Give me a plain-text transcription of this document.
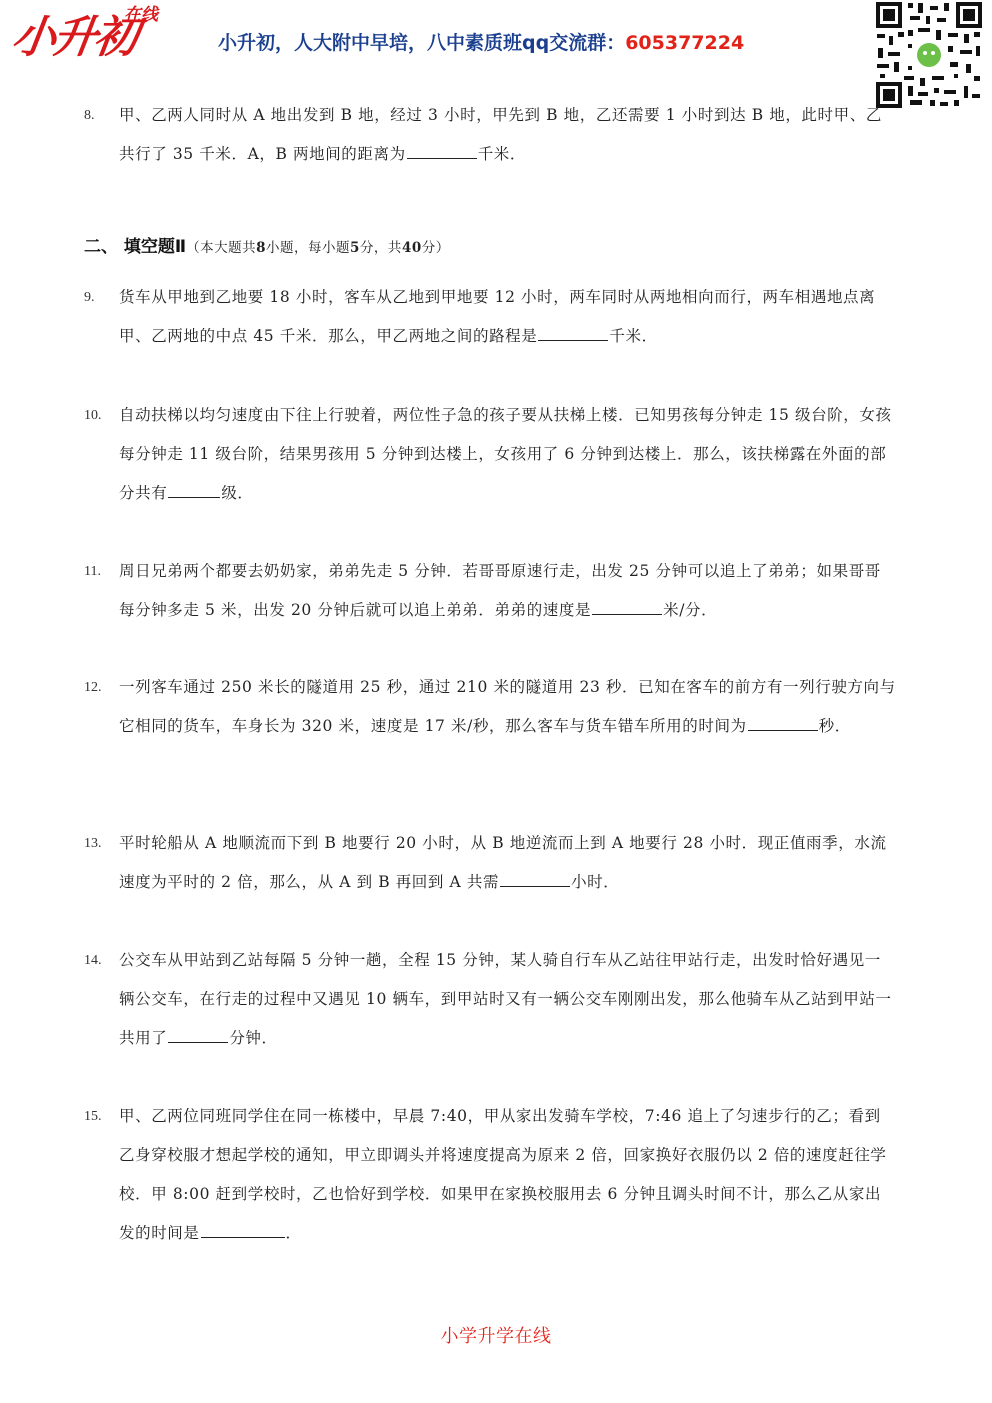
小升初
在线
小升初，人大附中早培，八中素质班qq交流群：605377224
8. 甲、乙两人同时从 A 地出发到 B 地，经过 3 小时，甲先到 B 地，乙还需要 1 小时到达 B 地，此时甲、乙共行了 35 千米．A，B 两地间的距离为	千米．
二、 填空题Ⅱ（本大题共8小题，每小题5分，共40分）
9. 货车从甲地到乙地要 18 小时，客车从乙地到甲地要 12 小时，两车同时从两地相向而行，两车相遇地点离甲、乙两地的中点 45 千米．那么，甲乙两地之间的路程是	千米．
10. 自动扶梯以均匀速度由下往上行驶着，两位性子急的孩子要从扶梯上楼．已知男孩每分钟走 15 级台阶，女孩每分钟走 11 级台阶，结果男孩用 5 分钟到达楼上，女孩用了 6 分钟到达楼上．那么，该扶梯露在外面的部分共有	级．
11. 周日兄弟两个都要去奶奶家，弟弟先走 5 分钟．若哥哥原速行走，出发 25 分钟可以追上了弟弟；如果哥哥每分钟多走 5 米，出发 20 分钟后就可以追上弟弟．弟弟的速度是	米/分．
12. 一列客车通过 250 米长的隧道用 25 秒，通过 210 米的隧道用 23 秒．已知在客车的前方有一列行驶方向与它相同的货车，车身长为 320 米，速度是 17 米/秒，那么客车与货车错车所用的时间为	秒．
13. 平时轮船从 A 地顺流而下到 B 地要行 20 小时，从 B 地逆流而上到 A 地要行 28 小时．现正值雨季，水流速度为平时的 2 倍，那么，从 A 到 B 再回到 A 共需	小时．
14. 公交车从甲站到乙站每隔 5 分钟一趟，全程 15 分钟，某人骑自行车从乙站往甲站行走，出发时恰好遇见一辆公交车，在行走的过程中又遇见 10 辆车，到甲站时又有一辆公交车刚刚出发，那么他骑车从乙站到甲站一共用了	分钟．
15. 甲、乙两位同班同学住在同一栋楼中，早晨 7:40，甲从家出发骑车学校，7:46 追上了匀速步行的乙；看到乙身穿校服才想起学校的通知，甲立即调头并将速度提高为原来 2 倍，回家换好衣服仍以 2 倍的速度赶往学校．甲 8:00 赶到学校时，乙也恰好到学校．如果甲在家换校服用去 6 分钟且调头时间不计，那么乙从家出发的时间是	．
小学升学在线
